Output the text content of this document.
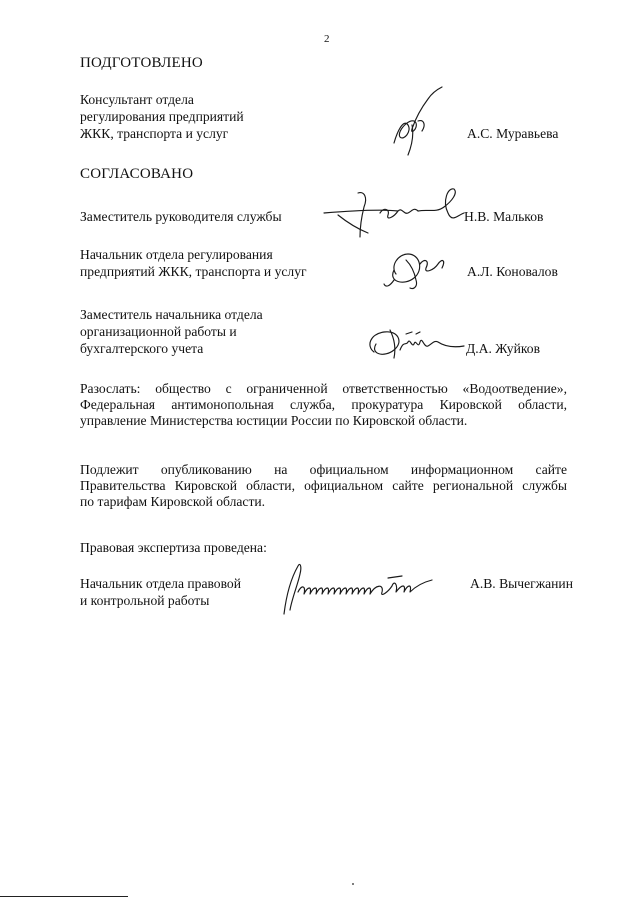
2
ПОДГОТОВЛЕНО
Консультант отдела
регулирования предприятий
ЖКК, транспорта и услуг	А.С. Муравьева
СОГЛАСОВАНО
Заместитель руководителя службы	Н.В. Мальков
Начальник отдела регулирования
предприятий ЖКК, транспорта и услуг	А.Л. Коновалов
Заместитель начальника отдела
организационной работы и
бухгалтерского учета	Д.А. Жуйков
Разослать: общество с ограниченной ответственностью «Водоотведение»,
Федеральная антимонопольная служба, прокуратура Кировской области,
управление Министерства юстиции России по Кировской области.
Подлежит опубликованию на официальном информационном сайте
Правительства Кировской области, официальном сайте региональной службы
по тарифам Кировской области.
Правовая экспертиза проведена:
Начальник отдела правовой
и контрольной работы
А.В. Вычегжанин
